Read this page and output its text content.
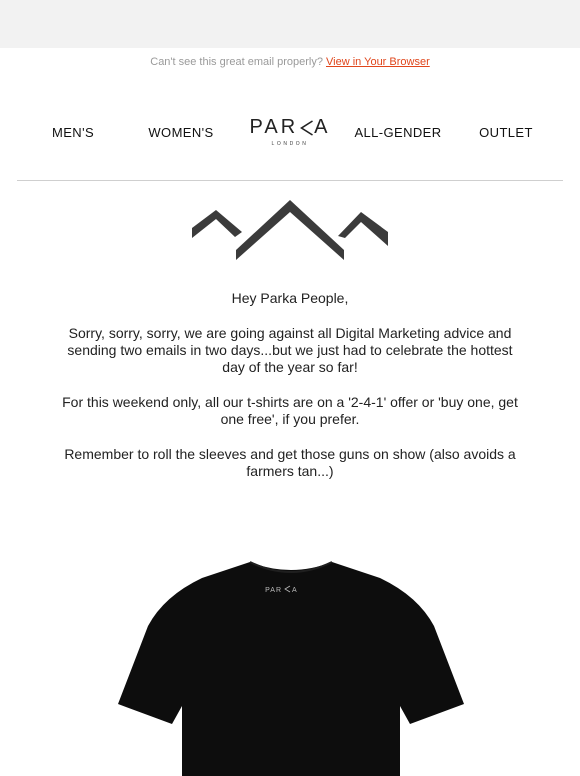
Can't see this great email properly? View in Your Browser
MEN'S	WOMEN'S PAR A
LONDON
ALL-GENDER	OUTLET

Hey Parka People,

Sorry, sorry, sorry, we are going against all Digital Marketing advice and sending two emails in two days...but we just had to celebrate the hottest day of the year so far!

For this weekend only, all our t-shirts are on a '2-4-1' offer or 'buy one, get one free', if you prefer.

Remember to roll the sleeves and get those guns on show (also avoids a farmers tan...)

PAR A
